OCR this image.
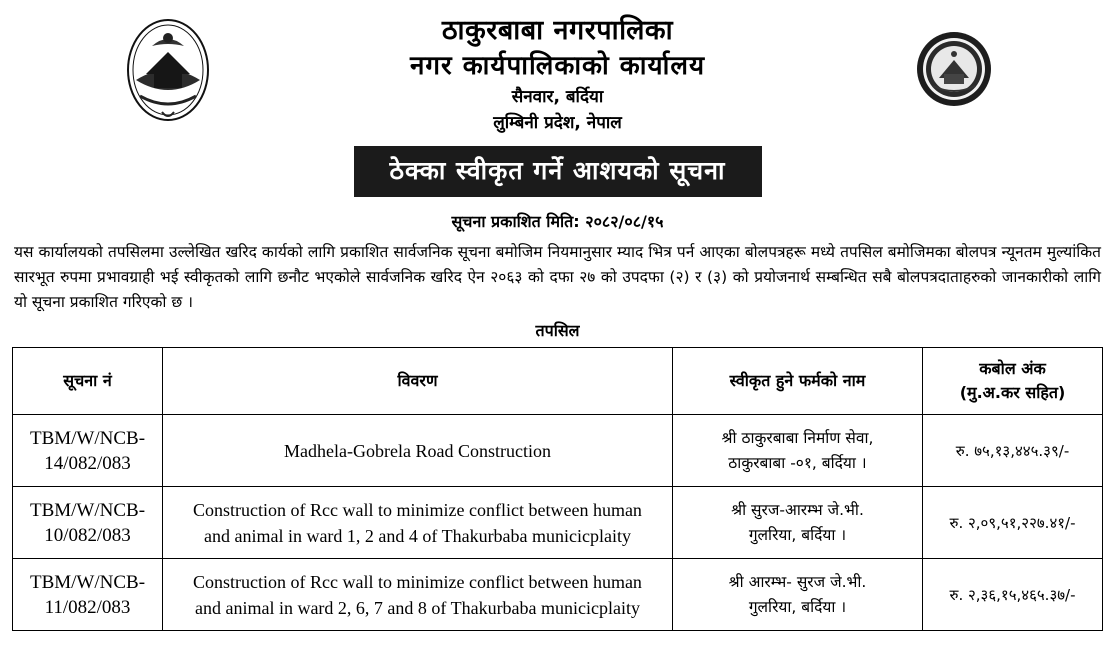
ठाकुरबाबा नगरपालिका
नगर कार्यपालिकाको कार्यालय
सैनवार, बर्दिया
लुम्बिनी प्रदेश, नेपाल
ठेक्का स्वीकृत गर्ने आशयको सूचना
सूचना प्रकाशित मिति: २०८२/०८/१५
यस कार्यालयको तपसिलमा उल्लेखित खरिद कार्यको लागि प्रकाशित सार्वजनिक सूचना बमोजिम नियमानुसार म्याद भित्र पर्न आएका बोलपत्रहरू मध्ये तपसिल बमोजिमका बोलपत्र न्यूनतम मुल्यांकित सारभूत रुपमा प्रभावग्राही भई स्वीकृतको लागि छनौट भएकोले सार्वजनिक खरिद ऐन २०६३ को दफा २७ को उपदफा (२) र (३) को प्रयोजनार्थ सम्बन्धित सबै बोलपत्रदाताहरुको जानकारीको लागि यो सूचना प्रकाशित गरिएको छ ।
तपसिल
सूचना नं	विवरण	स्वीकृत हुने फर्मको नाम	कबोल अंक
(मु.अ.कर सहित)

TBM/W/NCB-
14/082/083	Madhela-Gobrela Road Construction	श्री ठाकुरबाबा निर्माण सेवा,
ठाकुरबाबा -०१, बर्दिया ।	रु. ७५,१३,४४५.३९/-

TBM/W/NCB-
10/082/083	Construction of Rcc wall to minimize conflict between human
and animal in ward 1, 2 and 4 of Thakurbaba municicplaity	श्री सुरज-आरम्भ जे.भी.
गुलरिया, बर्दिया ।	रु. २,०९,५१,२२७.४१/-

TBM/W/NCB-
11/082/083	Construction of Rcc wall to minimize conflict between human
and animal in ward 2, 6, 7 and 8 of Thakurbaba municicplaity	श्री आरम्भ- सुरज जे.भी.
गुलरिया, बर्दिया ।	रु. २,३६,१५,४६५.३७/-
